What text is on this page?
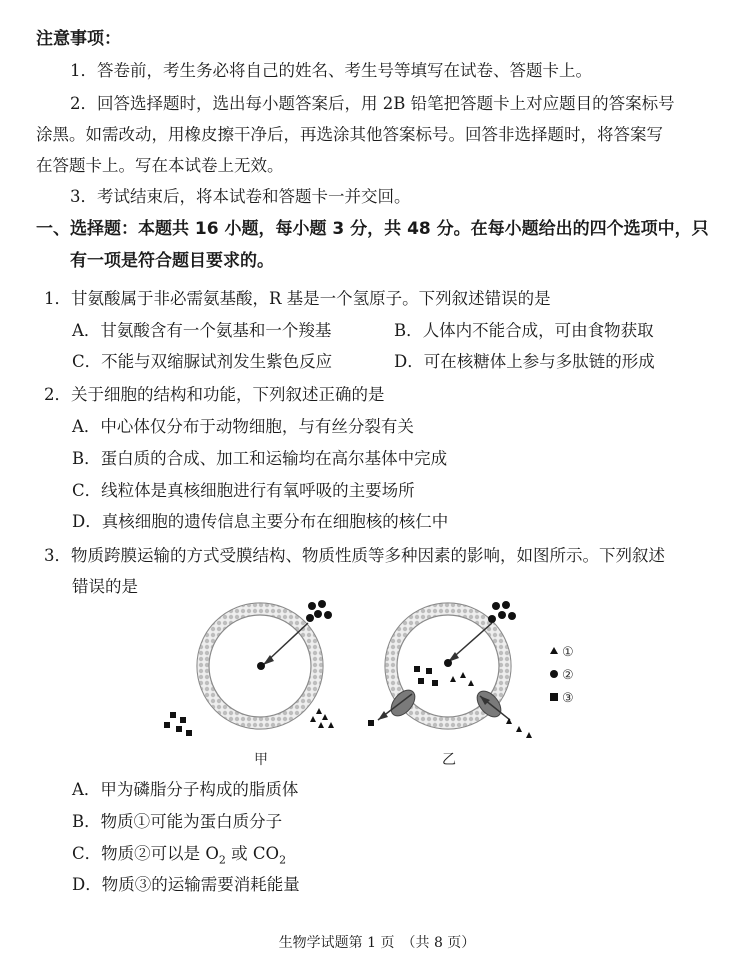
注意事项：
1．答卷前，考生务必将自己的姓名、考生号等填写在试卷、答题卡上。
2．回答选择题时，选出每小题答案后，用 2B 铅笔把答题卡上对应题目的答案标号
涂黑。如需改动，用橡皮擦干净后，再选涂其他答案标号。回答非选择题时，将答案写
在答题卡上。写在本试卷上无效。
3．考试结束后，将本试卷和答题卡一并交回。
一、选择题：本题共 16 小题，每小题 3 分，共 48 分。在每小题给出的四个选项中，只
有一项是符合题目要求的。
1．甘氨酸属于非必需氨基酸，R 基是一个氢原子。下列叙述错误的是
A．甘氨酸含有一个氨基和一个羧基	B．人体内不能合成，可由食物获取
C．不能与双缩脲试剂发生紫色反应	D．可在核糖体上参与多肽链的形成
2．关于细胞的结构和功能，下列叙述正确的是
A．中心体仅分布于动物细胞，与有丝分裂有关
B．蛋白质的合成、加工和运输均在高尔基体中完成
C．线粒体是真核细胞进行有氧呼吸的主要场所
D．真核细胞的遗传信息主要分布在细胞核的核仁中
3．物质跨膜运输的方式受膜结构、物质性质等多种因素的影响，如图所示。下列叙述
错误的是
①
②
③
甲	乙
A．甲为磷脂分子构成的脂质体
B．物质①可能为蛋白质分子
C．物质②可以是 $O_2$ 或 $CO_2$
D．物质③的运输需要消耗能量
生物学试题第 1 页　（共 8 页）
